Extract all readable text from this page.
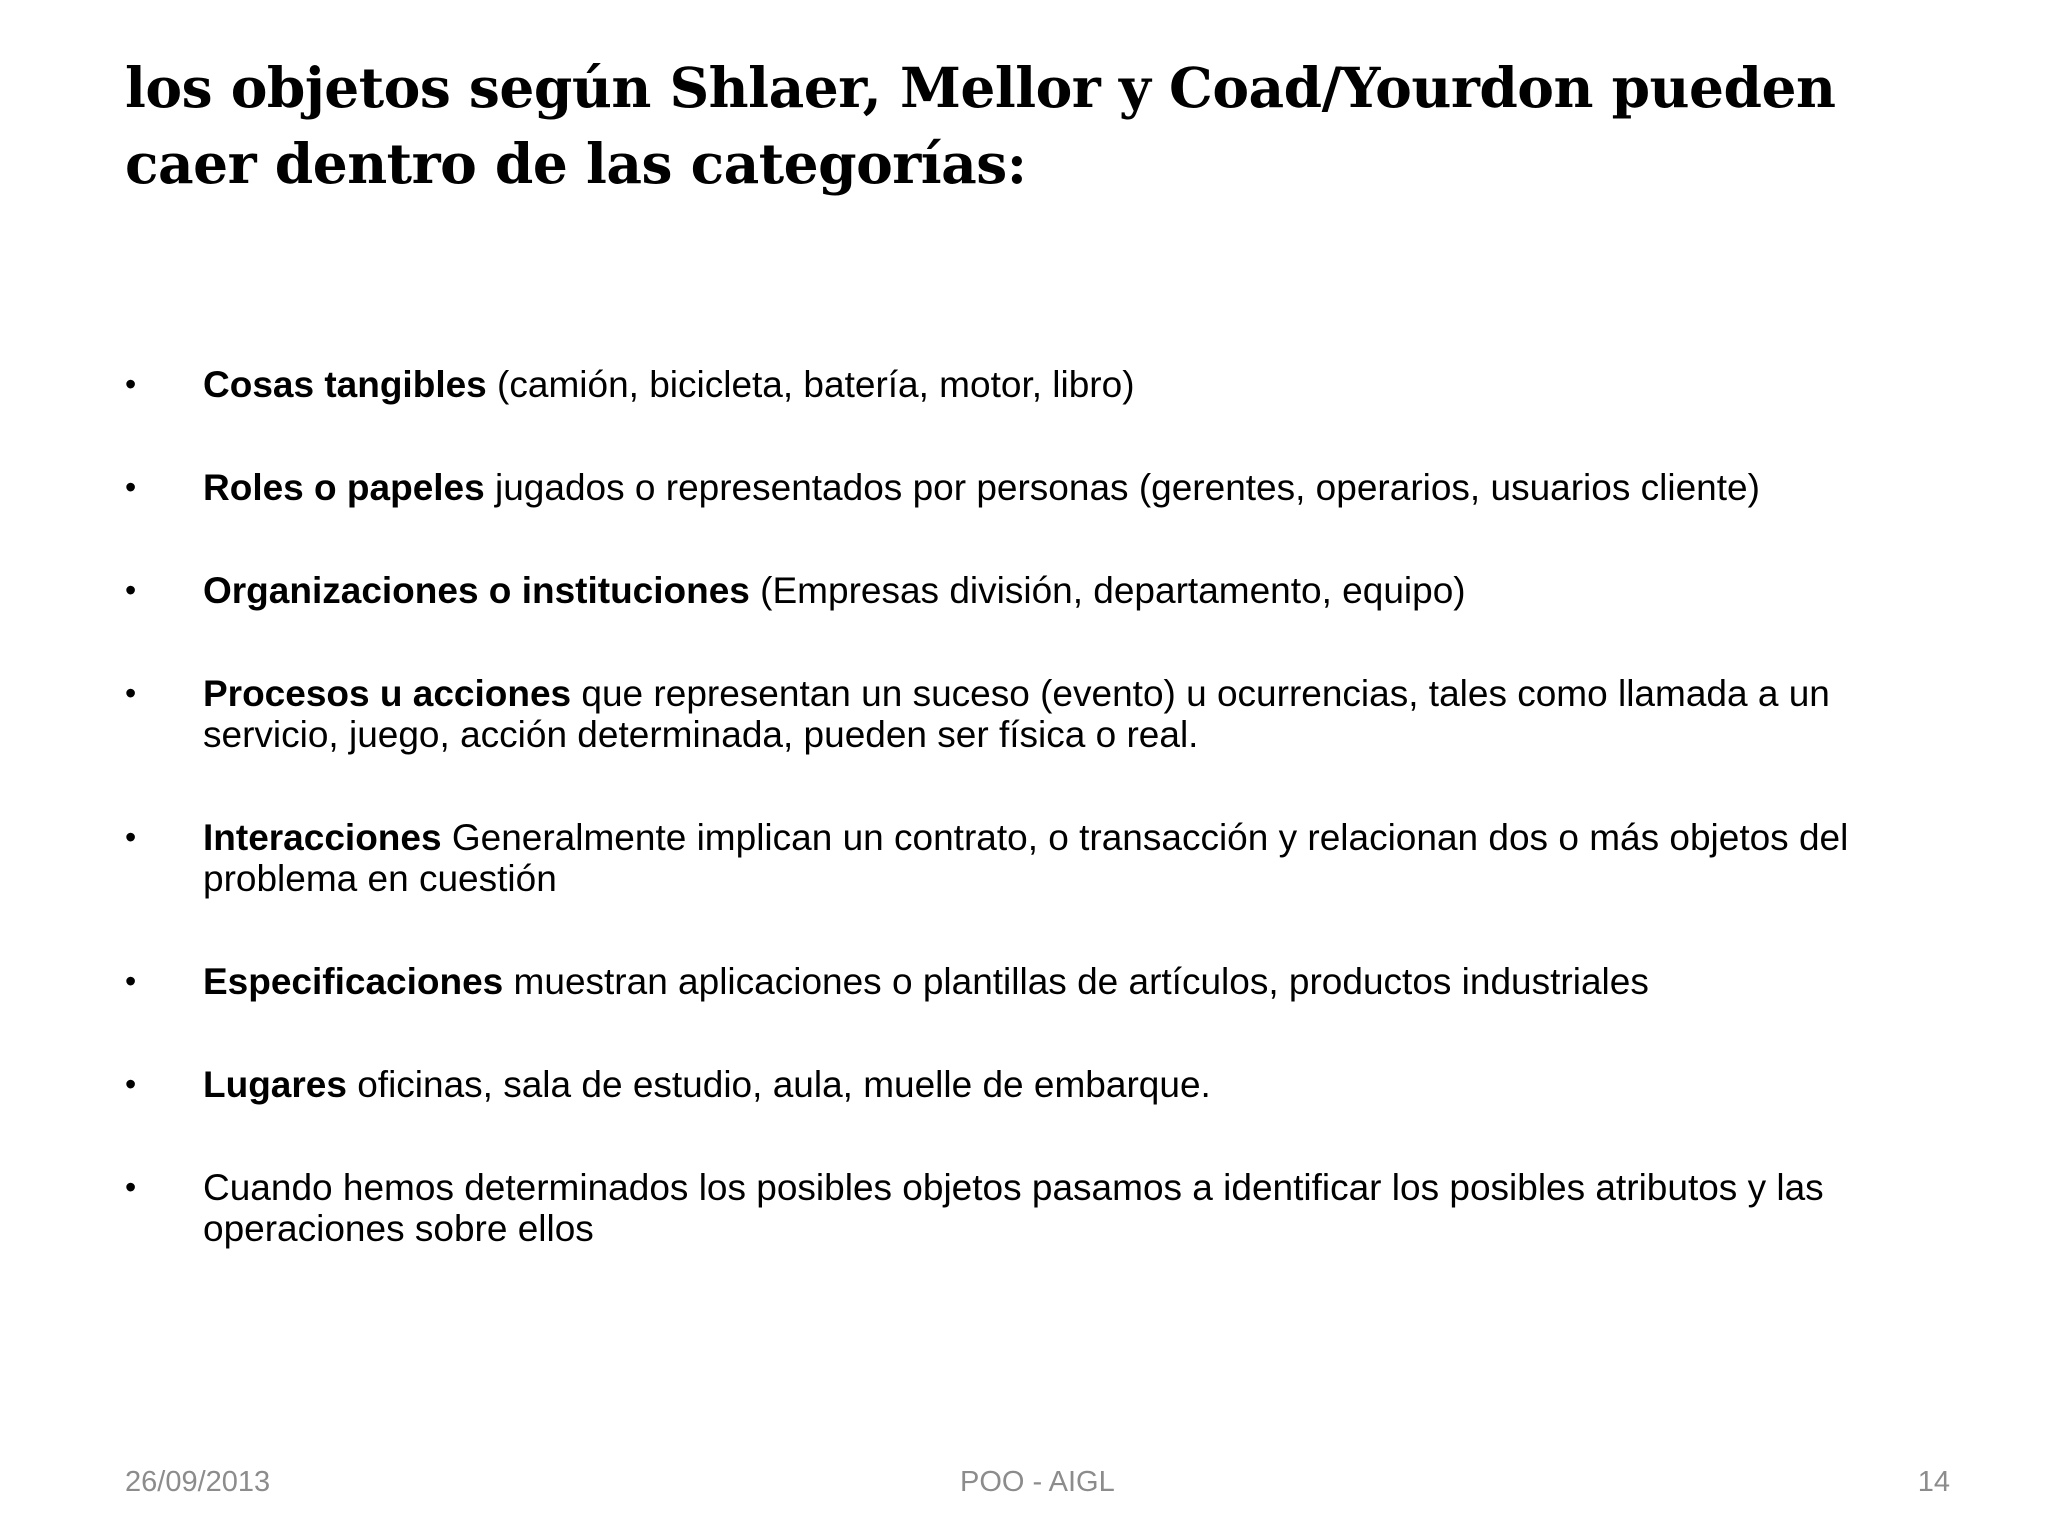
los objetos según Shlaer, Mellor y Coad/Yourdon pueden caer dentro de las categorías:
•	Cosas tangibles (camión, bicicleta, batería, motor, libro)
•	Roles o papeles jugados o representados por personas (gerentes, operarios, usuarios cliente)
•	Organizaciones o instituciones (Empresas división, departamento, equipo)
•	Procesos u acciones que representan un suceso (evento) u ocurrencias, tales como llamada a un servicio, juego, acción determinada, pueden ser física o real.
•	Interacciones Generalmente implican un contrato, o transacción y relacionan dos o más objetos del problema en cuestión
•	Especificaciones muestran aplicaciones o plantillas de artículos, productos industriales
•	Lugares oficinas, sala de estudio, aula, muelle de embarque.
•	Cuando hemos determinados los posibles objetos pasamos a identificar los posibles atributos y las operaciones sobre ellos
26/09/2013	POO - AIGL	14
